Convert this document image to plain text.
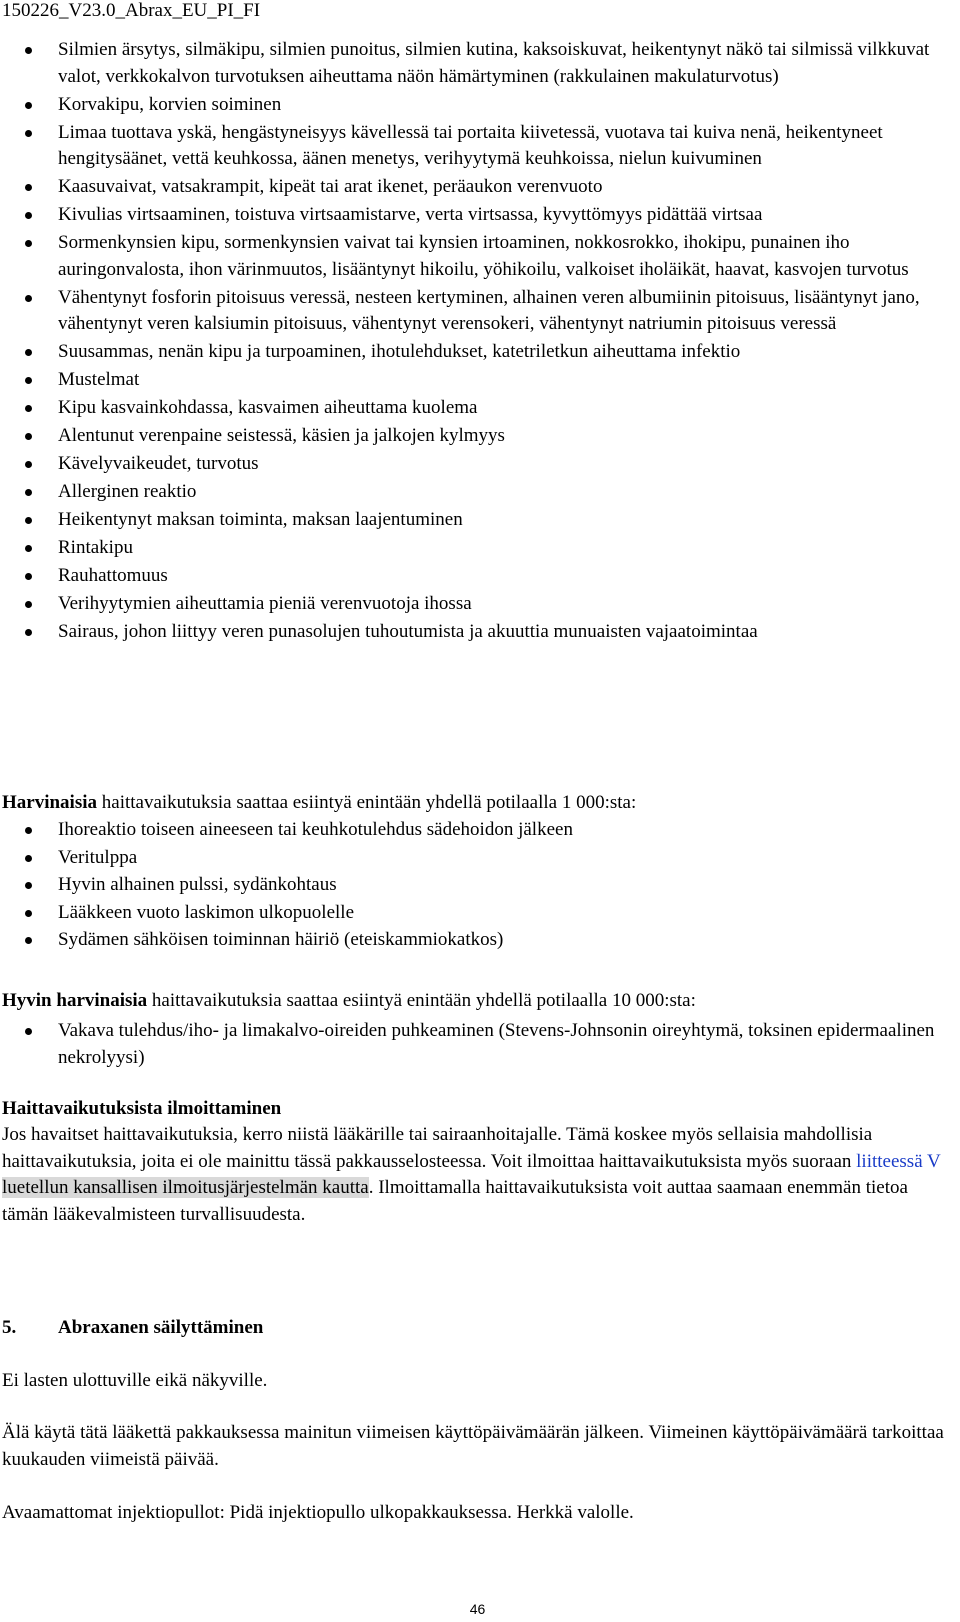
150226_V23.0_Abrax_EU_PI_FI
Silmien ärsytys, silmäkipu, silmien punoitus, silmien kutina, kaksoiskuvat, heikentynyt näkö tai silmissä vilkkuvat valot, verkkokalvon turvotuksen aiheuttama näön hämärtyminen (rakkulainen makulaturvotus)
Korvakipu, korvien soiminen
Limaa tuottava yskä, hengästyneisyys kävellessä tai portaita kiivetessä, vuotava tai kuiva nenä, heikentyneet hengitysäänet, vettä keuhkossa, äänen menetys, verihyytymä keuhkoissa, nielun kuivuminen
Kaasuvaivat, vatsakrampit, kipeät tai arat ikenet, peräaukon verenvuoto
Kivulias virtsaaminen, toistuva virtsaamistarve, verta virtsassa, kyvyttömyys pidättää virtsaa
Sormenkynsien kipu, sormenkynsien vaivat tai kynsien irtoaminen, nokkosrokko, ihokipu, punainen iho auringonvalosta, ihon värinmuutos, lisääntynyt hikoilu, yöhikoilu, valkoiset iholäikät, haavat, kasvojen turvotus
Vähentynyt fosforin pitoisuus veressä, nesteen kertyminen, alhainen veren albumiinin pitoisuus, lisääntynyt jano, vähentynyt veren kalsiumin pitoisuus, vähentynyt verensokeri, vähentynyt natriumin pitoisuus veressä
Suusammas, nenän kipu ja turpoaminen, ihotulehdukset, katetriletkun aiheuttama infektio
Mustelmat
Kipu kasvainkohdassa, kasvaimen aiheuttama kuolema
Alentunut verenpaine seistessä, käsien ja jalkojen kylmyys
Kävelyvaikeudet, turvotus
Allerginen reaktio
Heikentynyt maksan toiminta, maksan laajentuminen
Rintakipu
Rauhattomuus
Verihyytymien aiheuttamia pieniä verenvuotoja ihossa
Sairaus, johon liittyy veren punasolujen tuhoutumista ja akuuttia munuaisten vajaatoimintaa
Harvinaisia haittavaikutuksia saattaa esiintyä enintään yhdellä potilaalla 1 000:sta:
Ihoreaktio toiseen aineeseen tai keuhkotulehdus sädehoidon jälkeen
Veritulppa
Hyvin alhainen pulssi, sydänkohtaus
Lääkkeen vuoto laskimon ulkopuolelle
Sydämen sähköisen toiminnan häiriö (eteiskammiokatkos)
Hyvin harvinaisia haittavaikutuksia saattaa esiintyä enintään yhdellä potilaalla 10 000:sta:
Vakava tulehdus/iho- ja limakalvo-oireiden puhkeaminen (Stevens-Johnsonin oireyhtymä, toksinen epidermaalinen nekrolyysi)
Haittavaikutuksista ilmoittaminen
Jos havaitset haittavaikutuksia, kerro niistä lääkärille tai sairaanhoitajalle. Tämä koskee myös sellaisia mahdollisia haittavaikutuksia, joita ei ole mainittu tässä pakkausselosteessa. Voit ilmoittaa haittavaikutuksista myös suoraan liitteessä V luetellun kansallisen ilmoitusjärjestelmän kautta. Ilmoittamalla haittavaikutuksista voit auttaa saamaan enemmän tietoa tämän lääkevalmisteen turvallisuudesta.
5. Abraxanen säilyttäminen
Ei lasten ulottuville eikä näkyville.
Älä käytä tätä lääkettä pakkauksessa mainitun viimeisen käyttöpäivämäärän jälkeen. Viimeinen käyttöpäivämäärä tarkoittaa kuukauden viimeistä päivää.
Avaamattomat injektiopullot: Pidä injektiopullo ulkopakkauksessa. Herkkä valolle.
46
